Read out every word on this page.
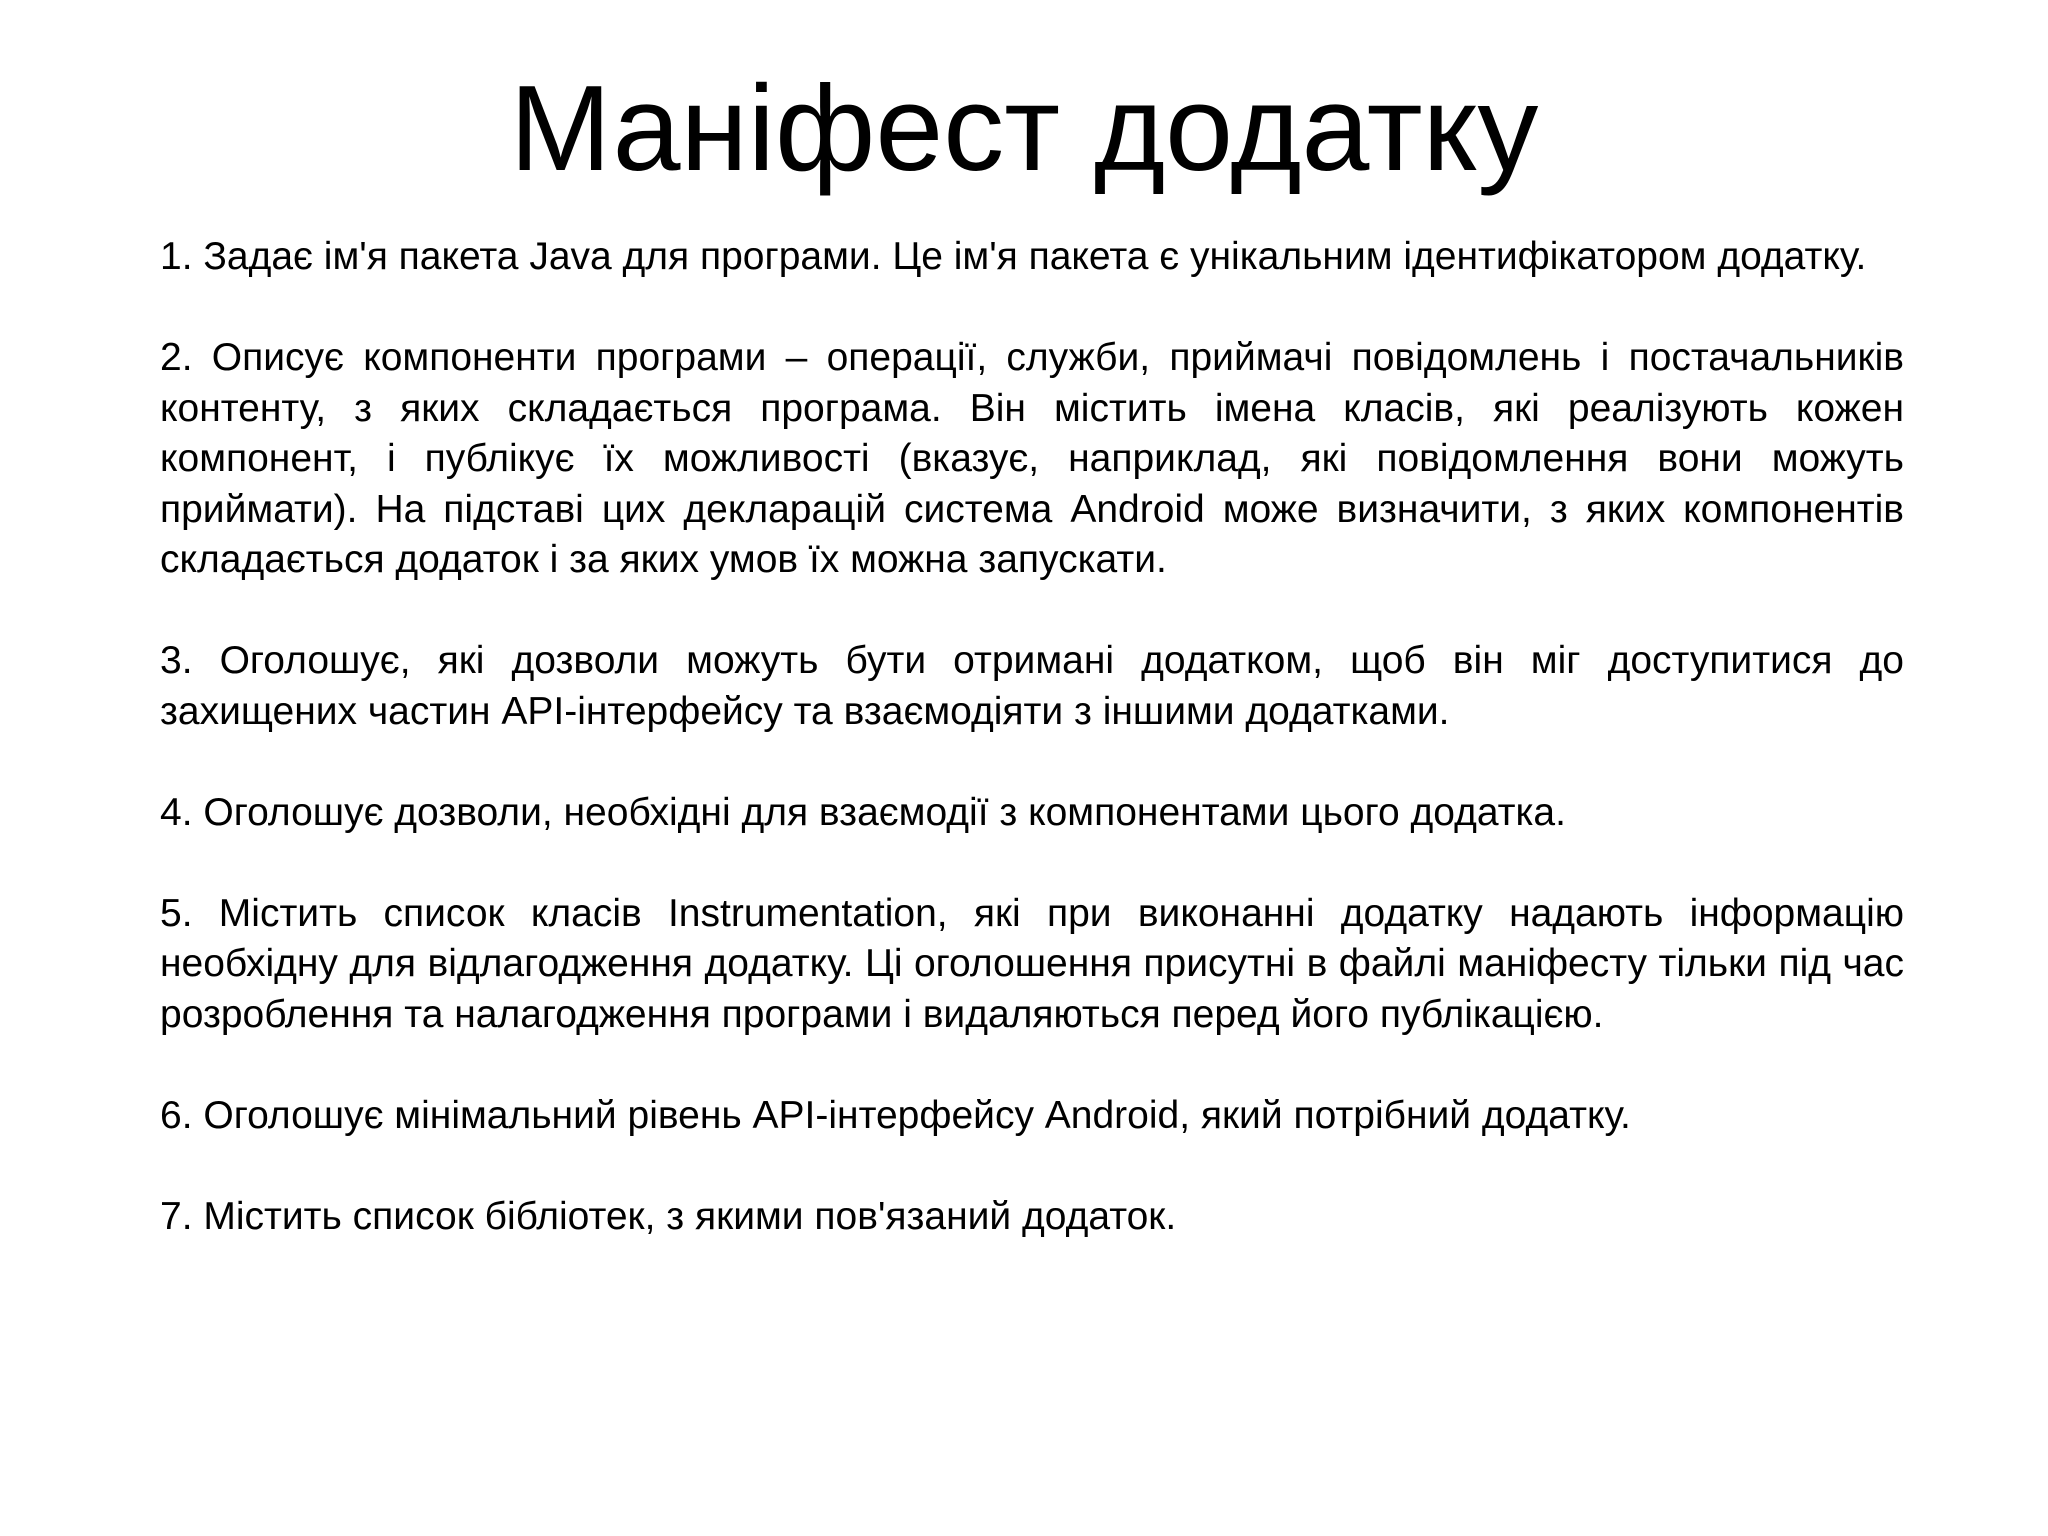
Маніфест додатку

1. Задає ім'я пакета Java для програми. Це ім'я пакета є унікальним ідентифікатором додатку.

2. Описує компоненти програми – операції, служби, приймачі повідомлень і постачальників контенту, з яких складається програма. Він містить імена класів, які реалізують кожен компонент, і публікує їх можливості (вказує, наприклад, які повідомлення вони можуть приймати). На підставі цих декларацій система Android може визначити, з яких компонентів складається додаток і за яких умов їх можна запускати.

3. Оголошує, які дозволи можуть бути отримані додатком, щоб він міг доступитися до захищених частин API-інтерфейсу та взаємодіяти з іншими додатками.

4. Оголошує дозволи, необхідні для взаємодії з компонентами цього додатка.

5. Містить список класів Instrumentation, які при виконанні додатку надають інформацію необхідну для відлагодження додатку. Ці оголошення присутні в файлі маніфесту тільки під час розроблення та налагодження програми і видаляються перед його публікацією.

6. Оголошує мінімальний рівень API-інтерфейсу Android, який потрібний додатку.

7. Містить список бібліотек, з якими пов'язаний додаток.
